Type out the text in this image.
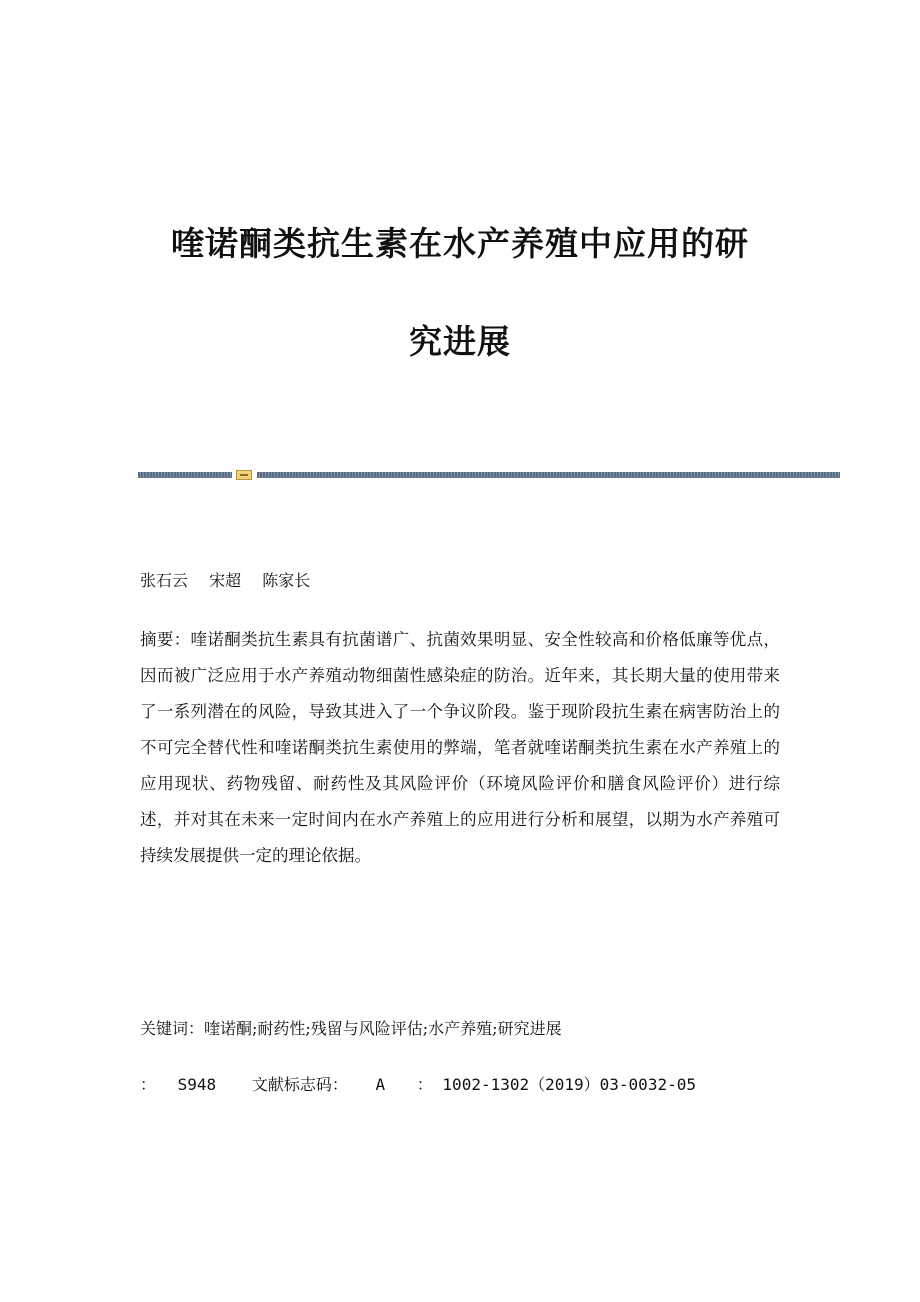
喹诺酮类抗生素在水产养殖中应用的研
究进展
张石云 宋超 陈家长

摘要：喹诺酮类抗生素具有抗菌谱广、抗菌效果明显、安全性较高和价格低廉等优点，因而被广泛应用于水产养殖动物细菌性感染症的防治。近年来，其长期大量的使用带来了一系列潜在的风险，导致其进入了一个争议阶段。鉴于现阶段抗生素在病害防治上的不可完全替代性和喹诺酮类抗生素使用的弊端，笔者就喹诺酮类抗生素在水产养殖上的应用现状、药物残留、耐药性及其风险评价（环境风险评价和膳食风险评价）进行综述，并对其在未来一定时间内在水产养殖上的应用进行分析和展望，以期为水产养殖可持续发展提供一定的理论依据。

关键词：喹诺酮;耐药性;残留与风险评估;水产养殖;研究进展
： S948 文献标志码： A ： 1002-1302（2019）03-0032-05
